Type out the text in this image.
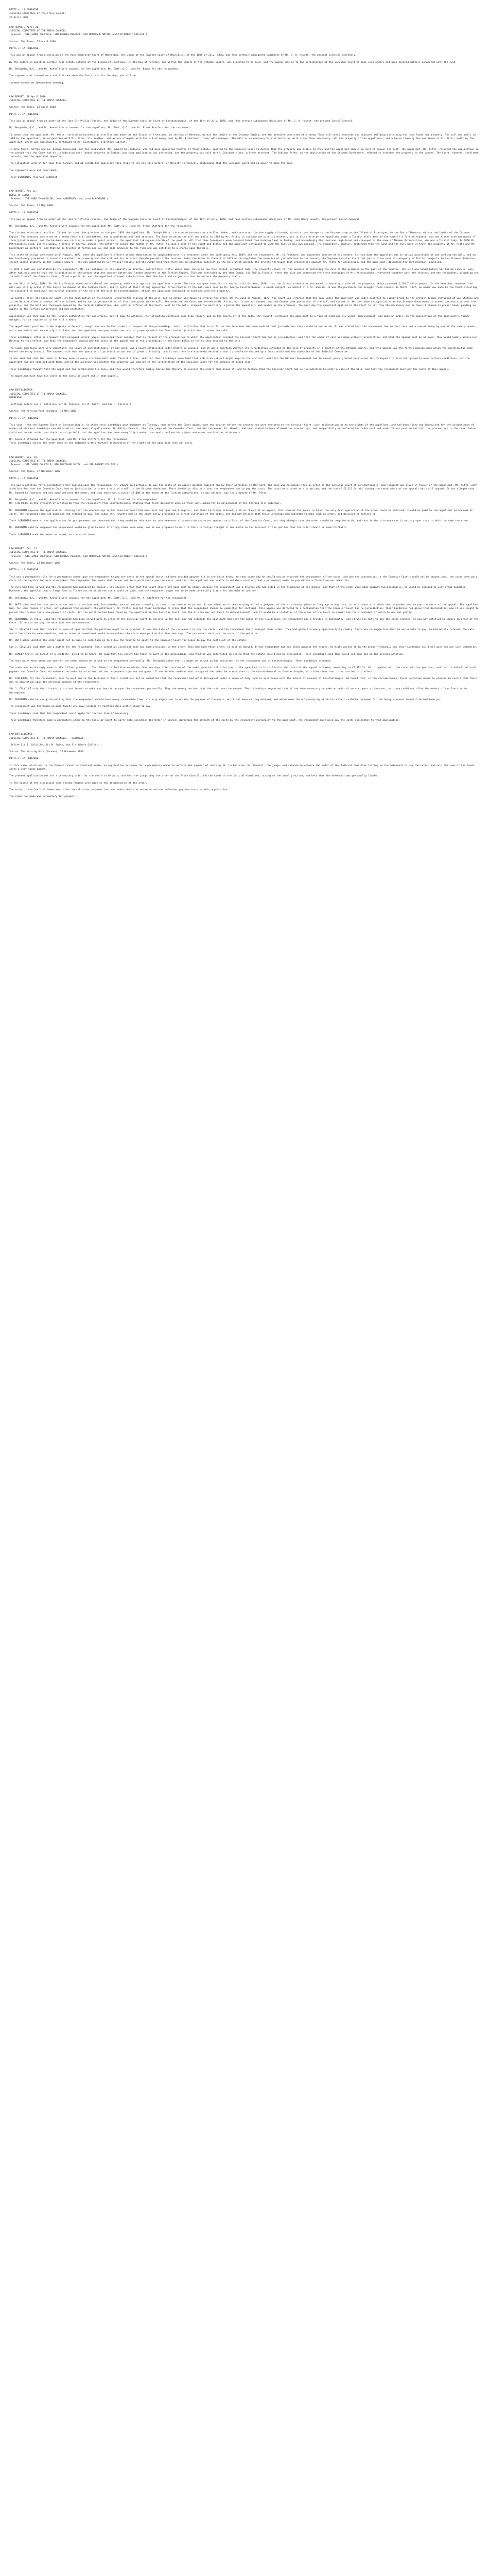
PITTS v. LA FONTAINE
Judicial Committee of the Privy Council
26 April 1880
LAW REPORT. April 26.
JUDICIAL COMMITTEE OF THE PRIVY COUNCIL.
(Present - SIR JAMES COLVILLE, SIR BARNES PEACOCK, SIR MONTAGUE SMITH, and SIR ROBERT COLLIER.)
Source: The Times, 27 April 1880
PITTS v. LA FONTAINE.
This was an appeal from a decision of the Vice-Admiralty Court of Mauritius, the Judge of the Supreme Court of Mauritius, of the 18th of July, 1876, and from certain subsequent judgments of Mr. J. H. Hewett, the present Colonial Secretary.
By the orders in question certain real estate situate at the Island of Frontique, in the Bay of Moreton, and within the limits of the Ottoman Empire, was directed to be sold, and the appeal was as to the jurisdiction of the Consular Court to make such orders and upon kindred matters connected with the suit.
Mr. Benjamin, Q.C., and Mr. Kennell were counsel for the appellant; Mr. Butt, Q.C., and Mr. Bucke for the respondent.
The arguments of counsel were not finished when the Court rose for the day, and will be
resumed to-morrow (Wednesday) morning.
LAW REPORT. 28 April 1880
JUDICIAL COMMITTEE OF THE PRIVY COUNCIL.
Source: The Times, 28 April 1880
PITTS v. LA FONTAINE.
This was an appeal from an order of the late Sir Philip Francis, the Judge of the Supreme Consular Court at Constantinople, of the 16th of July, 1876, and from certain subsequent decisions of Mr. J. H. Hewett, the present Consul-General.
Mr. Benjamin, Q.C., and Mr. Kennell were counsel for the appellant; Mr. Butt, Q.C., and Mr. Frank Stafford for the respondent.
It seems that the appellant, Mr. Pitts, carried on business as a miller and baker at the Island of Frontique, in the Sea of Marmora, within the limits of the Ottoman Empire, and the premises consisted of a steam flour mill and a separate and adjacent building containing ten hand looms and a bakery. The mill was built in 1868 by the appellant, in conjunction with Mr. Pitts, his brother, and as was alleged, with the aid of money lent by Mr. Eichstaedt, their mill manager. The mill is an ordinary Turkish building, with steam flour machinery, all the property of the appellants; and a house formerly the residence of Mr. Pitts, built by the appellant, which was subsequently mortgaged to Mr. Eichstaedt, a British subject.
In 1873 Mssrs. Morton and Co. became insolvent, and the respondent, Mr. Edward La Fontaine, who had been appointed trustee of their estate, applied to the Consular Court to decree that the property was liable to them and the appellant should be sold to answer the debt. The appellant, Mr. Pitts, resisted the application on the ground that the Court had no jurisdiction over landed property in Turkey, but that application was overruled, and the property was sold to Mr. Constantinides, a Greek merchant. The Sublime Porte, on the application of the Ottoman Government, refused to transfer the property to the vendee. The Court, however, confirmed the sale, and the appellant appealed.
The litigation went on for some time longer, and at length the appellant took steps to lay his case before Her Majesty in Council, contending that the Consular Court had no power to make the sale.
The arguments were not concluded.
Their LORDSHIPS reserved judgment.
LAW REPORT. May 12.
HOUSE OF LORDS.
(Present - THE LORD CHANCELLOR, Lord HATHERLEY, and Lord BLACKBURN.)
Source: The Times, 12 May 1880
PITTS v. LA FONTAINE.
This was an appeal from an order of the late Sir Philip Francis, the Judge of the Supreme Consular Court at Constantinople, of the 16th of July, 1876, and from certain subsequent decisions of Mr. John Henry Hewett, the present Consul-General.
Mr. Benjamin, Q.C., and Mr. Kennell were counsel for the appellant; Mr. Butt, Q.C., and Mr. Frank Stafford for the respondent.
The circumstances were peculiar. It and for some time previous to the year 1870 the appellant, Mr. Joseph Pitts, carried on business as a miller, baker, and contractor for the supply of bread, biscuits, and forage to the Ottoman army at the Island of Frontique, in the Sea of Marmora, within the limits of the Ottoman Empire. The premises consisted of a steam flour mill and bakery, and outbuildings and land adjacent. The land on which the mill was built in 1868 by Mr. Pitts, in conjunction with his brother, was in truth held by the appellant under a Turkish title deed in the name of a Turkish subject, and was fitted with machinery of their joint expense, and the business was carried on under a joint account, the appellant taking one-fourth of the profits. All that time foreigners were incapacitated from holding land in Turkey, and accordingly the land was registered and conveyed in the name of Madame Petrocochino, who was a Turkish lady. In 1868 Mr. Petrocochino died, and his widow, a native of Smyrna, agreed, the better to secure the rights of Mr. Pitts, to sign a deed of his right and title, and the appellant continued to work the mill on his own account. The respondent, however, contended that the land and the mill were in truth the property of Mr. Pitts and Mr. Eichstaedt as partners; and that he as trustee of Morton and Co. had made advances to the firm and was entitled to a charge upon the mill.
This state of things continued until August, 1872, when the appellant's affairs became embarrassed he compounded with his creditors under the bankruptcy Act, 1869, and the respondent, Mr. La Fontaine, was appointed trustee of his estate. At that date the appellant was in actual possession of and working the mill, and on his insolvency proceeded to ascertain whether the property and the mill and his interest therein passed to the trustee. Under the Order in Council of 1873 which regulated the exercise of jurisdiction in the Levant, the Supreme Consular Court had jurisdiction over all property of British subjects in the Ottoman dominions, except landed property in the Turkish Empire. This was admitted by Sir Philip Francis, but the Judge held that there was an equitable interest in the mill which passed. The trustee thereupon took proceedings against Mr. Pitts for possession, and the appellant, disputing the jurisdiction, appealed.
In 1874 a suit was instituted by the respondent, Mr. La Fontaine, in his capacity as trustee, against Mrs. Pitts, whose name, being in law then vested, a Turkish lady, the property stood, for the purpose of enforcing the sale of the premises on the part of the trustee. The suit was heard before Sir Philip Francis, who, after making a decree that the jurisdiction on the ground that the subject matter was landed property in the Turkish Empire. This was overruled by the then Judge, Sir Philip Francis. After the suit was commenced the fresh mortgages of Mr. Petrocochino intervened together with the trustee, and the respondent, disputing the jurisdiction of the Consular Court, filed a petition, and the appellant claimed a declaration that the Court had no jurisdiction to declare the property liable.
On the 16th of July, 1876, Sir Philip Francis directed a sale of the property, with costs against the appellant's wife. The suit was gone into, but it was not till October, 1876, that the formal authorities succeeded in securing a sale of the property, which produced 1,250 Turkish pounds. In the meantime, however, the mill was sold by order of the Consul on demand of the Turkish Court, and in spite of their strong opposition three-fourths of the mill were sold to Mr. George Constantinides, a Greek subject, on behalf of a Mr. Kassim. It was the purchaser had brought these claims. In March, 1877, an order was made by the Court directing the plaintiff to hand over the surplus proceeds of the sale of the mill to Constantinides, though the applicant continued to hold and work the property.
Two months later, the Consular Court, on the application of the trustee, ordered the closing of the mill, but no action was taken to enforce the order. On the 22nd of August, 1877, the Court was informed that the sale under the appellant was under contract to supply bread to the British troops stationed at San Stefano and to the British fleet at anchor off the island, and he had large quantities of flour and grain in the mill. The order of the Court was served on Mr. Pitts, but it was not obeyed, and the Consul took possession of the mill and closed it. He then made an application to the Ottoman Government to assert jurisdiction over the property, and the mill was thereupon opened by the Turkish authorities, who, with an officer of the Court, went to the mill, stopped the machinery, ejected the appellant, and sealed up the premises. The next day the appellant applied to the Court to set free the machinery and to have it placed in proper hands pending an appeal to the Turkish authorities and him protected.
Application was then made to the Turkish authorities for assistance, but it came to nothing. The litigation continued some time longer, and in the course of it the Judge (Mr. Hewett) sentenced the appellant to a fine of £150 and six weeks' imprisonment, and made an order, on the application of the appellant's former manager, for an inquiry as to the mill's debts.
The appellants' petition to Her Majesty in Council, sought various further orders in respect of the proceedings, and in particular that in so far as the decisions had been made without jurisdiction they should be set aside. It was stated that the respondent had in fact received a sum of money by way of the sale proceeds, which was sufficient to satisfy his claim, and the appellant now questioned the sale of property which the Court had no jurisdiction to order the sale.
Their Lordships, after an argument that occupied several days, expressed their opinion that in respect of the proceedings to which the application related the Consular Court had had no jurisdiction, and that the order of sale was made without jurisdiction, and that the appeal must be allowed. They would humbly advise Her Majesty to that effect, and that the respondent should pay the costs of the appeal and of the proceedings in the Court below so far as they related to the sale.
The legal questions were very important. The Court of Constantinople, it was said, was a Court established under Orders in Council, and it was a question whether its jurisdiction extended to the sale of property in a country of the Ottoman Empire, and this appeal was the first occasion upon which the question had come before the Privy Council. The counsel said that the question of jurisdiction was one of great difficulty, and it was therefore extremely desirable that it should be decided by a Court which had the authority of the Judicial Committee.
It was admitted that the lands in Turkey were in every instance held under Turkish titles, and that their Lordships were told that a British subject might acquire the usufruct, and that the Ottoman Government had in recent years granted permission for foreigners to hold real property upon certain conditions, but the appellant had not complied with them, and so the question was whether the property was subject to the jurisdiction of the Consular Court for the purpose of being sold.
Their Lordships thought that the appellant had established his case, and they would therefore humbly advise Her Majesty to reverse the orders complained of, and to declare that the Consular Court had no jurisdiction to order a sale of the mill; and that the respondent must pay the costs of this appeal.
The appellant must have his costs in the Consular Court and in that appeal.
LAW INTELLIGENCE.
JUDICIAL COMMITTEE OF THE PRIVY COUNCIL.
WEDNESDAY.
(Sittings before Sir J. Colville, Sir B. Peacock, Sir M. Smith, and Sir R. Collier.)
Source: The Morning Post (London), 13 May 1880
PITTS v. LA FONTAINE.
This case, from the Supreme Court of Constantinople, in which their Lordships gave judgment on Tuesday, came before the Court again, upon the minutes before the proceedings were remitted to the Consular Court, with declarations as to the rights of the appellant, and had been fixed and improvised for the disobedience of orders which their Lordships now declared to have been illegally made. Sir Philip Francis, the late judge of the Consular Court, and his successor, Mr. Hewett, had been stated to have allowed the proceedings, and respectfully he declared the order null and void. It was pointed out that the proceedings in the court below could not be set aside, and their Lordships held that the appellant had been wrongfully treated, and would declare his rights and order restitution, with costs.
Mr. Kennell attended for the appellant, and Mr. Frank Stafford for the respondent.
Their Lordships varied the order made on the judgment with a further declaration of the rights of the appellant with all costs.
LAW REPORT. Nov. 16.
JUDICIAL COMMITTEE OF THE PRIVY COUNCIL.
(Present - SIR JAMES COLVILLE, SIR MONTAGUE SMITH, and SIR ROBERT COLLIER.)
Source: The Times, 17 November 1880
PITTS v. LA FONTAINE.
This was a petition for a peremptory order calling upon the respondent, Mr. Edward La Fontaine, to pay the costs of an appeal decided against him by their Lordships in May last. The case was an appeal from an order of the Consular Court at Constantinople, and judgment was given in favour of the appellant, Mr. Pitts, with a declaration that the Consular Court had no jurisdiction to order a sale of a mill in the Ottoman dominions. Their Lordships also held that the respondent was to pay the costs. The costs were taxed at a large sum, and the sum of £2,312 5s. 6d. (being the taxed costs of the appeal) was still unpaid. It was alleged that Mr. Edward La Fontaine had not complied with the order, and that there was a sum of £7,000 in the hands of the Turkish authorities, it was alleged, was the property of Mr. Pitts.
Mr. Benjamin, Q.C., and Mr. Kennell were counsel for the appellant; Mr. F. Stafford for the respondent.
Mr. STAFFORD, on the strength of a telegram from the respondent from Constantinople, stating that fresh documents were on their way, asked for an adjournment of the hearing till Saturday.
Mr. BENJAMIN opposed the application, stating that the proceedings in the Consular Court had been most improper and irregular, and their Lordships ordered, with no chance of an appeal, that some of the money in hand, the only fund against which the order could be enforced, should be paid to the appellant on account of costs. The respondent had not paid and had refused to pay. The judge (Mr. Hewett) had in the court below proceeded in direct violation of the order, and did not believe that their Lordships had intended to make such an order, and declined to enforce it.
Their LORDSHIPS were at the application for postponement and observed that they would be reluctant to take measures of a coercive character against an officer of the Consular Court, but they thought that the order should be complied with, and that in the circumstances it was a proper case in which to make the order.
Mr. BENJAMIN said he supposed the respondent would be glad to hear it if any order were made, and he was prepared to wait if their Lordships thought it desirable in the interest of the parties that the order should be made forthwith.
Their LORDSHIPS made the order as asked, on the usual terms.
LAW REPORT. Dec. 22.
JUDICIAL COMMITTEE OF THE PRIVY COUNCIL.
(Present - SIR JAMES COLVILLE, SIR BARNES PEACOCK, SIR MONTAGUE SMITH, and SIR ROBERT COLLIER.)
Source: The Times, 23 December 1880
PITTS v. LA FONTAINE.
This was a peremptory rule for a peremptory order upon the respondent to pay the costs of the appeal which had been decided against him in the Court below, to show cause why he should not be attached for non-payment of the costs, and why the proceedings in the Consular Court should not be stayed until the costs were paid. Costs of the application were also asked. The respondent had sworn that he was not in a position to pay the costs; and that the appellant was unable to obtain a receiver; and a peremptory order to pay within a fixed time was asked for.
The rule had been served and the respondent had appeared by counsel. His counsel urged that the Court should not make such an order, because the respondent was a trustee who had acted in the discharge of his duties, and that if the order were made against him personally, he would be exposed to very great hardship. Moreover, the appellant had a large fund in Turkey out of which the costs could be paid, and the respondent ought not to be made personally liable for the debt of another.
Mr. Benjamin, Q.C., and Mr. Kennell were counsel for the appellant; Mr. Butt, Q.C., and Mr. F. Stafford for the respondent.
Mr. BUTT submitted that the petition was one of a curious and, fortunately, unusual nature - namely, to commit the trustee to prison. It was directed to the carrying out of a judgment of their Lordships given as long ago as May last, in accordance with which the respondent was to pay the costs of the appeal. The appellant had, for some reason or other, not obtained that payment. The petitioner, Mr. Pitts, desired their Lordships to order that the respondent should be committed for contempt. This appeal was directed to a declaration that the Consular Court had no jurisdiction; their Lordships had given that declaration; now it was sought to punish the trustee for a non-payment of costs. But the petition had been found by the appellant in the Consular Court, and the trustee was not there to defend himself, and it would be a violation of the order of the Court to commit him for a contempt of which he was not guilty.
Mr. BENJAMIN, in reply, said the respondent had been served with an order of the Consular Court to deliver up the mill and had refused; the appellant had lost the means of his livelihood. The respondent was a trustee in bankruptcy, and it was his duty to pay the costs ordered. He was not entitled to ignore an order of the Court. If he did not pay, he must take the consequences.
Sir J. COLVILLE said their Lordships were of opinion that the petition ought to be granted. It was the duty of the respondent to pay the costs, and the respondent had disobeyed their order. They had given him every opportunity to comply. There was no suggestion that he was unable to pay; he had merely refused. The rule would therefore be made absolute, and an order of commitment would issue unless the costs were paid within fourteen days. The respondent must pay the costs of the petition.
Mr. BUTT asked whether the order might not be made in such form as to allow the trustee to apply to the Consular Court for leave to pay the costs out of the estate.
Sir J. COLVILLE said that was a matter for the respondent. Their Lordships could not make any such provision in the order. They had made their order; it must be obeyed. If the respondent had any claim against the estate, he might pursue it in the proper tribunal, but their Lordships could not give him any such indemnity.
Mr. LUMLEY SMITH, on behalf of a creditor, asked to be heard. He said that his client had taken no part in the proceedings, and that he was interested in seeing that the estate should not be dissipated. Their Lordships said they could not hear him on the present petition.
The next point that arose was whether the order should be served on the respondent personally. Mr. Benjamin asked that it might be served on his solicitor, as the respondent was at Constantinople. Their Lordships assented.
The order was accordingly made in the following terms: - That Edward La Fontaine do within fourteen days after service of the order upon his solicitor pay to the appellant or his solicitor the costs of the appeal as taxed, amounting to £2,312 5s. 6d., together with the costs of this petition, and that in default of such payment the Consular Court do enforce the order by attachment of the respondent's person and goods. It was further ordered that a copy of the order be transmitted to the Consul-General at Constantinople, with directions that it be carried into effect.
Mr. STAFFORD, for the respondent, said he must bow to the decision of their Lordships; but he submitted that the respondent had acted throughout under a sense of duty, and in accordance with the advice of counsel at Constantinople. He hoped that, in the circumstances, their Lordships would be pleased to record that there was no imputation upon the personal conduct of the respondent.
Sir J. COLVILLE said their Lordships did not intend to make any imputation upon the respondent personally. They had merely decided that the order must be obeyed. Their Lordships regretted that it had been necessary to make an order of so stringent a character; but they could not allow the orders of the Court to be disregarded.
Mr. BENJAMIN said he was quite willing that the respondent should have every reasonable time. His only object was to obtain the payment of the costs, which had been so long delayed, and which were the only means by which his client could be recouped for the heavy expenses to which he had been put.
The respondent was thereupon allowed twenty-one days instead of fourteen days within which to pay.
Their Lordships said that the respondent could apply for further time if necessary.
Their Lordships therefore made a peremptory order on the Consular Court to carry into execution the Order in Council directing the payment of the costs by the respondent personally to the appellant. The respondent must also pay the costs incidental to that application.
LAW INTELLIGENCE.
JUDICIAL COMMITTEE OF THE PRIVY COUNCIL. - SATURDAY.
(Before Sir J. Colville, Sir M. Smith, and Sir Robert Collier.)
Source: The Morning Post (London), 22 November 1880
PITTS v. LA FONTAINE.
In this case, which was in the Consular Court at Constantinople, an application was made for a peremptory order to enforce the payment of costs by Mr. La Fontaine. Mr. Kennell, the judge, had refused to enforce the order of the Judicial Committee letting on the defendant to pay the costs, and said the sums of the taxed costs a very large amount.
The present application was for a peremptory order for the costs to be paid, and that the judge obey the order of the Privy Council, and the Lords of the Judicial Committee, acting on the usual practice, had held that the defendant was personally liable.
In the course of the discussion some strong remarks were made on the disobedience of the order.
The Lords of the Judicial Committee, after consultation, ordered that the order should be enforced and the defendant pay the costs of this application.
The order now made was peremptory for payment.
